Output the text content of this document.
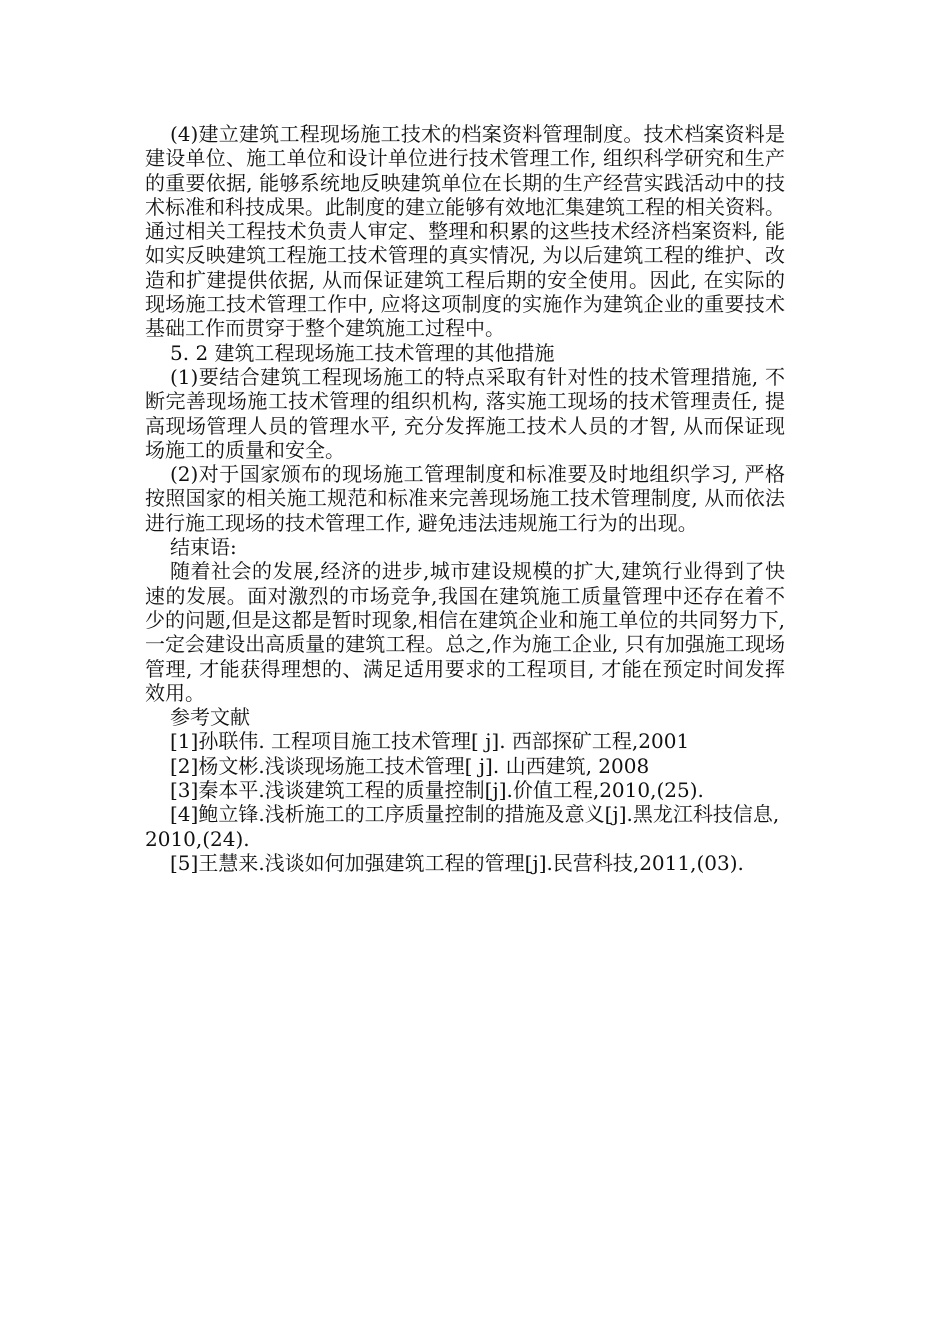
(4)建立建筑工程现场施工技术的档案资料管理制度。技术档案资料是建设单位、施工单位和设计单位进行技术管理工作, 组织科学研究和生产的重要依据, 能够系统地反映建筑单位在长期的生产经营实践活动中的技术标准和科技成果。此制度的建立能够有效地汇集建筑工程的相关资料。通过相关工程技术负责人审定、整理和积累的这些技术经济档案资料, 能如实反映建筑工程施工技术管理的真实情况, 为以后建筑工程的维护、改造和扩建提供依据, 从而保证建筑工程后期的安全使用。因此, 在实际的现场施工技术管理工作中, 应将这项制度的实施作为建筑企业的重要技术基础工作而贯穿于整个建筑施工过程中。

5. 2 建筑工程现场施工技术管理的其他措施

(1)要结合建筑工程现场施工的特点采取有针对性的技术管理措施, 不断完善现场施工技术管理的组织机构, 落实施工现场的技术管理责任, 提高现场管理人员的管理水平, 充分发挥施工技术人员的才智, 从而保证现场施工的质量和安全。

(2)对于国家颁布的现场施工管理制度和标准要及时地组织学习, 严格按照国家的相关施工规范和标准来完善现场施工技术管理制度, 从而依法进行施工现场的技术管理工作, 避免违法违规施工行为的出现。

结束语:

随着社会的发展,经济的进步,城市建设规模的扩大,建筑行业得到了快速的发展。面对激烈的市场竞争,我国在建筑施工质量管理中还存在着不少的问题,但是这都是暂时现象,相信在建筑企业和施工单位的共同努力下, 一定会建设出高质量的建筑工程。总之,作为施工企业, 只有加强施工现场管理, 才能获得理想的、满足适用要求的工程项目, 才能在预定时间发挥效用。

参考文献

[1]孙联伟. 工程项目施工技术管理[ j]. 西部探矿工程,2001

[2]杨文彬.浅谈现场施工技术管理[ j]. 山西建筑, 2008

[3]秦本平.浅谈建筑工程的质量控制[j].价值工程,2010,(25).

[4]鲍立锋.浅析施工的工序质量控制的措施及意义[j].黑龙江科技信息,2010,(24).

[5]王慧来.浅谈如何加强建筑工程的管理[j].民营科技,2011,(03).
